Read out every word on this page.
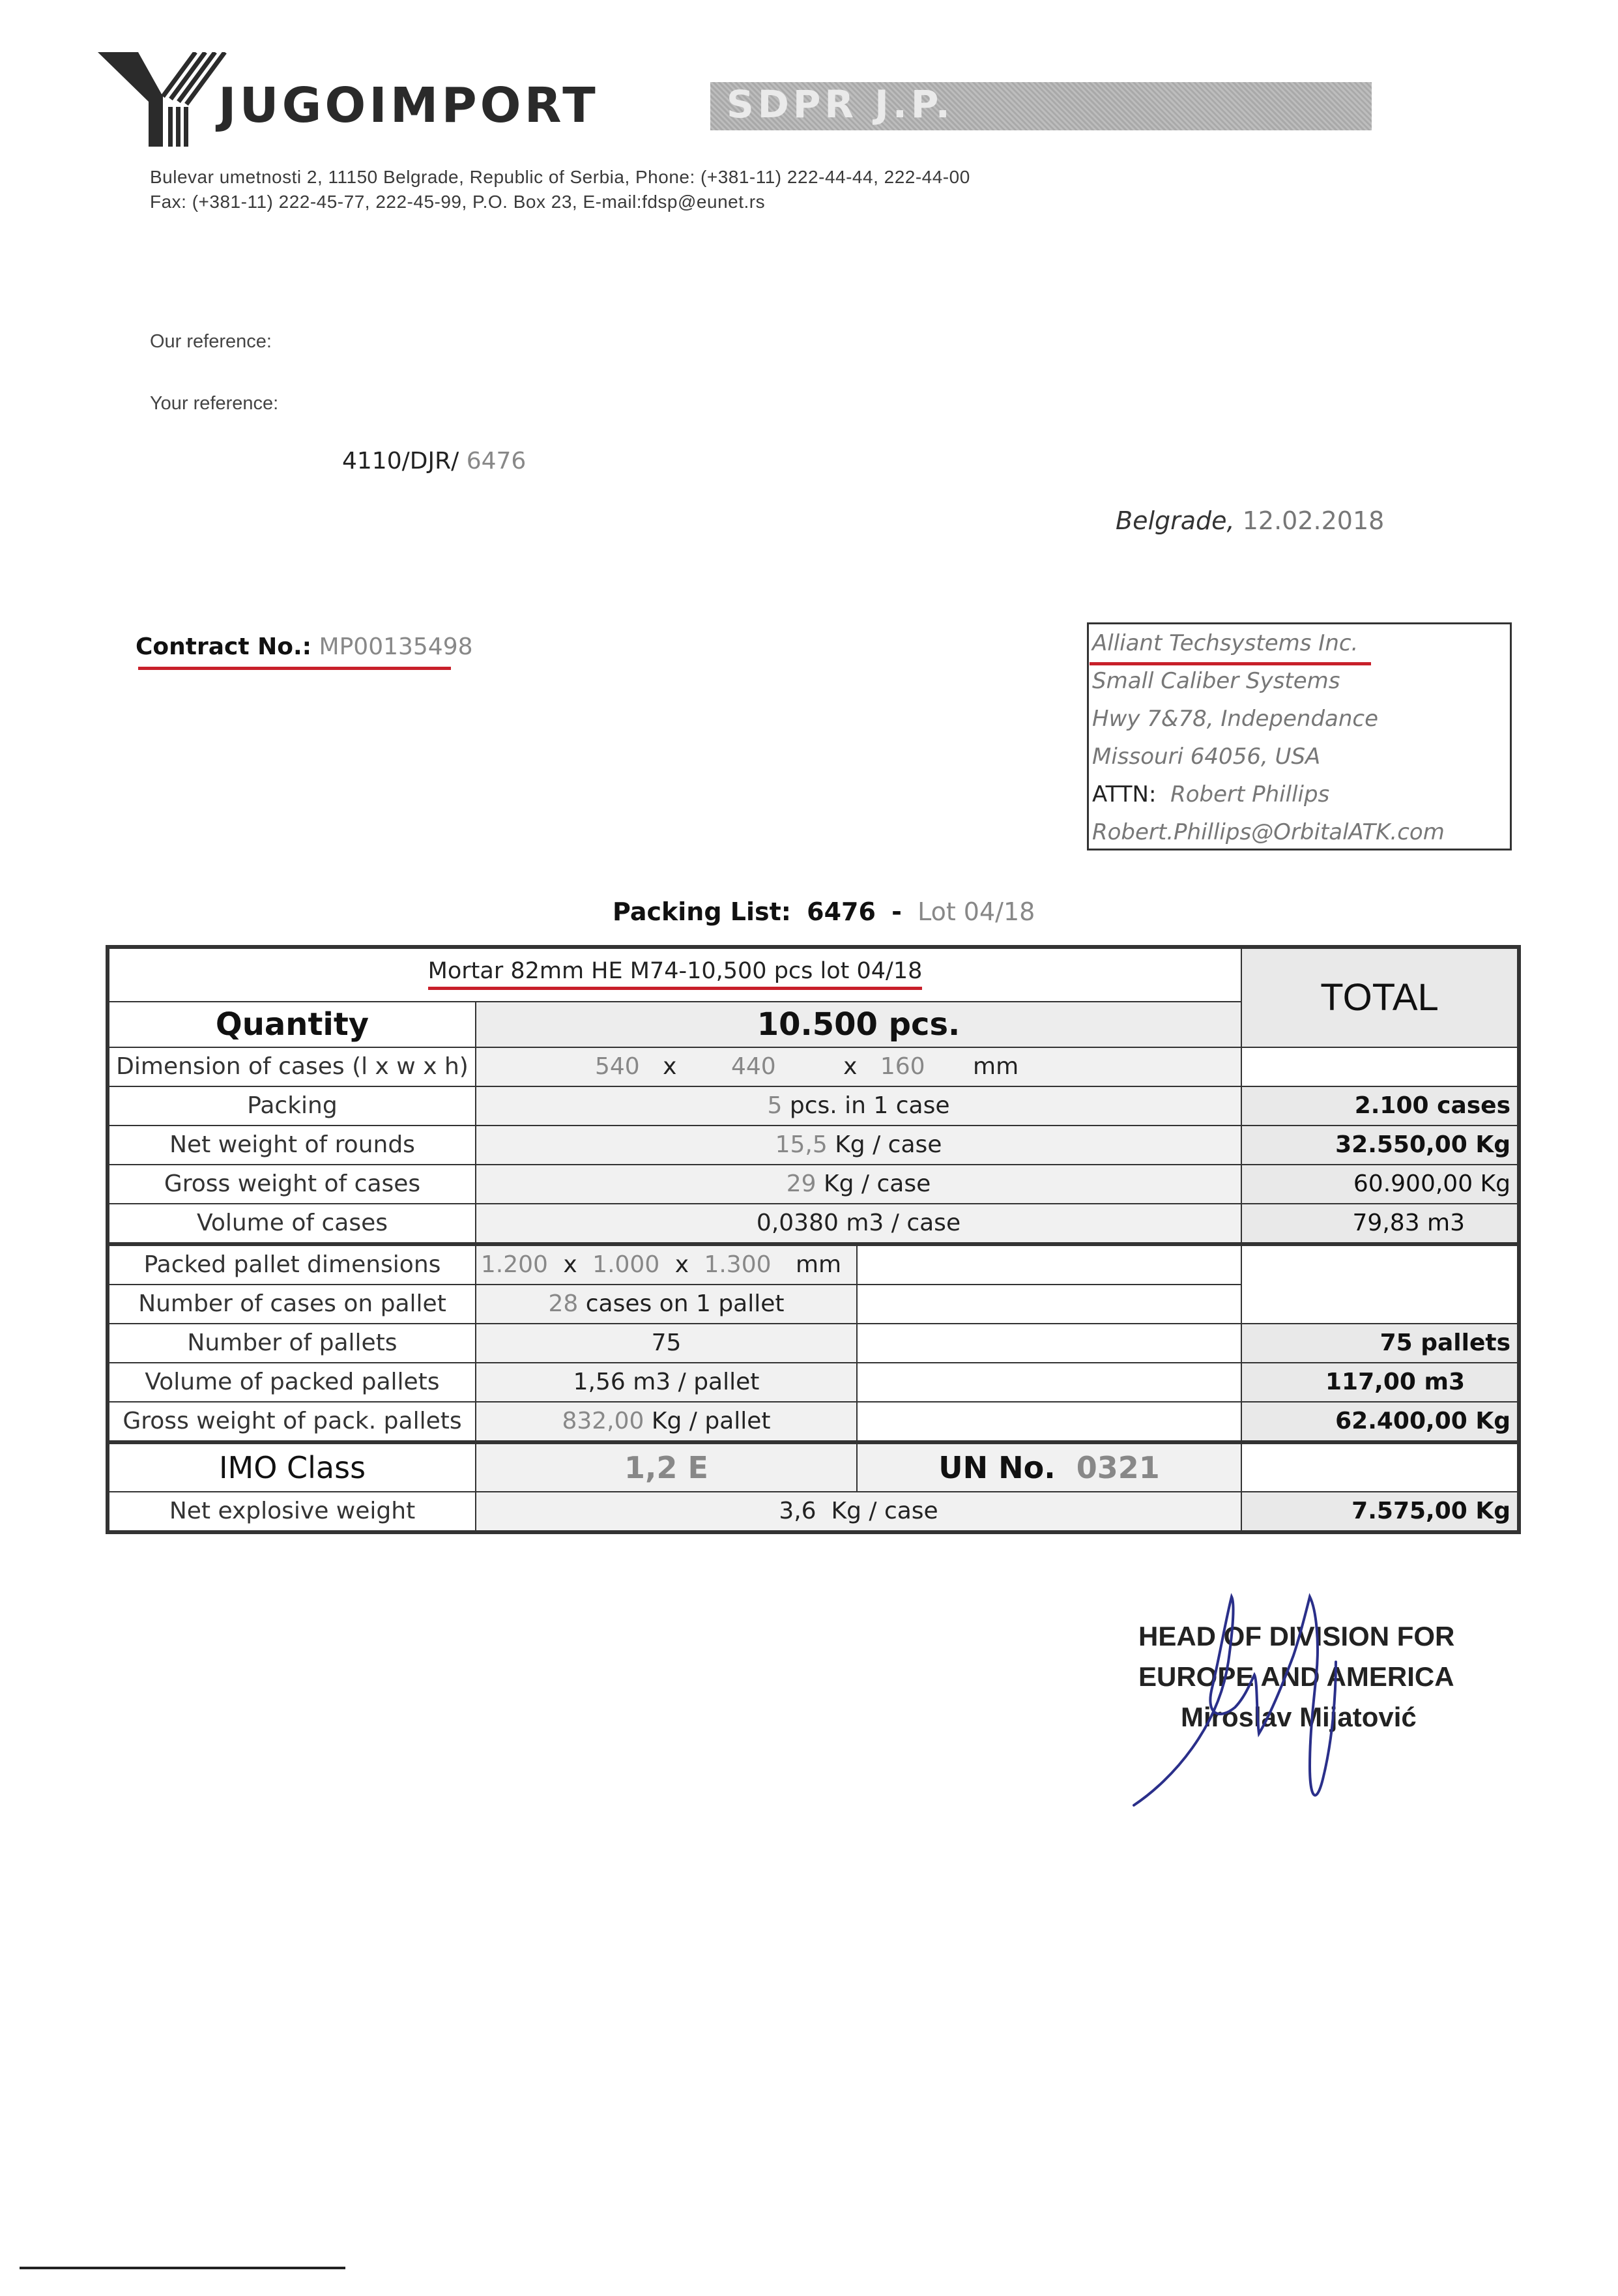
JUGOIMPORT	SDPR J.P.
Bulevar umetnosti 2, 11150 Belgrade, Republic of Serbia, Phone: (+381-11) 222-44-44, 222-44-00
Fax: (+381-11) 222-45-77, 222-45-99, P.O. Box 23, E-mail:fdsp@eunet.rs
Our reference:
Your reference:
4110/DJR/ 6476
Belgrade, 12.02.2018
Contract No.: MP00135498	Alliant Techsystems Inc.
Small Caliber Systems
Hwy 7&78, Independance
Missouri 64056, USA
ATTN: Robert Phillips
Robert.Phillips@OrbitalATK.com
Packing List: 6476 - Lot 04/18
Mortar 82mm HE M74-10,500 pcs lot 04/18			TOTAL
Quantity	10.500 pcs.		
Dimension of cases (l x w x h)	540 x 440 x 160 mm		
Packing	5 pcs. in 1 case		2.100 cases
Net weight of rounds	15,5 Kg / case		32.550,00 Kg
Gross weight of cases	29 Kg / case		60.900,00 Kg
Volume of cases	0,0380 m3 / case		79,83 m3
Packed pallet dimensions	1.200 x 1.000 x 1.300 mm		
Number of cases on pallet	28 cases on 1 pallet		
Number of pallets	75		75 pallets
Volume of packed pallets	1,56 m3 / pallet		117,00 m3
Gross weight of pack. pallets	832,00 Kg / pallet		62.400,00 Kg
IMO Class	1,2 E	UN No. 0321	
Net explosive weight	3,6 Kg / case		7.575,00 Kg
HEAD OF DIVISION FOR
EUROPE AND AMERICA
Miroslav Mijatović
